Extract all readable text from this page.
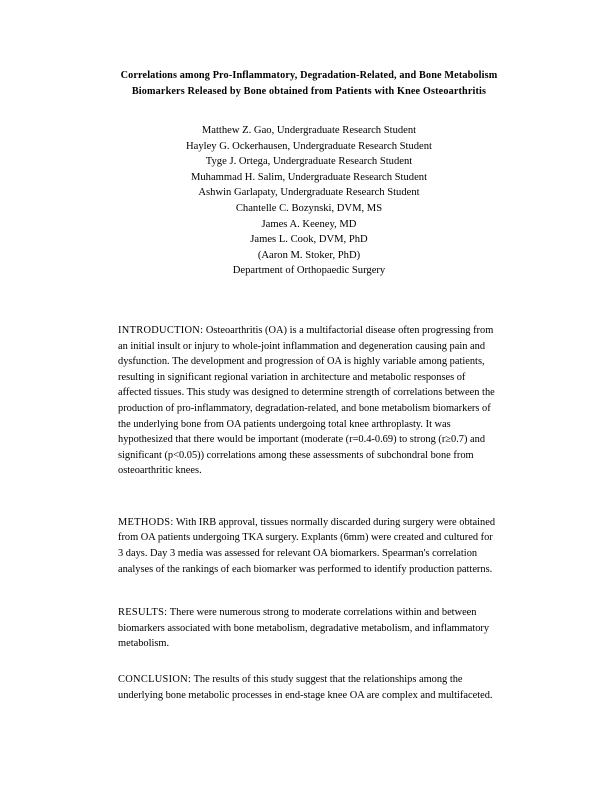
Correlations among Pro-Inflammatory, Degradation-Related, and Bone Metabolism
Biomarkers Released by Bone obtained from Patients with Knee Osteoarthritis
Matthew Z. Gao, Undergraduate Research Student
Hayley G. Ockerhausen, Undergraduate Research Student
Tyge J. Ortega, Undergraduate Research Student
Muhammad H. Salim, Undergraduate Research Student
Ashwin Garlapaty, Undergraduate Research Student
Chantelle C. Bozynski, DVM, MS
James A. Keeney, MD
James L. Cook, DVM, PhD
(Aaron M. Stoker, PhD)
Department of Orthopaedic Surgery

INTRODUCTION: Osteoarthritis (OA) is a multifactorial disease often progressing from an initial insult or injury to whole-joint inflammation and degeneration causing pain and dysfunction. The development and progression of OA is highly variable among patients, resulting in significant regional variation in architecture and metabolic responses of affected tissues. This study was designed to determine strength of correlations between the production of pro-inflammatory, degradation-related, and bone metabolism biomarkers of the underlying bone from OA patients undergoing total knee arthroplasty. It was hypothesized that there would be important (moderate (r=0.4-0.69) to strong (r≥0.7) and significant (p<0.05)) correlations among these assessments of subchondral bone from osteoarthritic knees.

METHODS: With IRB approval, tissues normally discarded during surgery were obtained from OA patients undergoing TKA surgery. Explants (6mm) were created and cultured for 3 days. Day 3 media was assessed for relevant OA biomarkers. Spearman's correlation analyses of the rankings of each biomarker was performed to identify production patterns.

RESULTS: There were numerous strong to moderate correlations within and between biomarkers associated with bone metabolism, degradative metabolism, and inflammatory metabolism.

CONCLUSION: The results of this study suggest that the relationships among the underlying bone metabolic processes in end-stage knee OA are complex and multifaceted.
